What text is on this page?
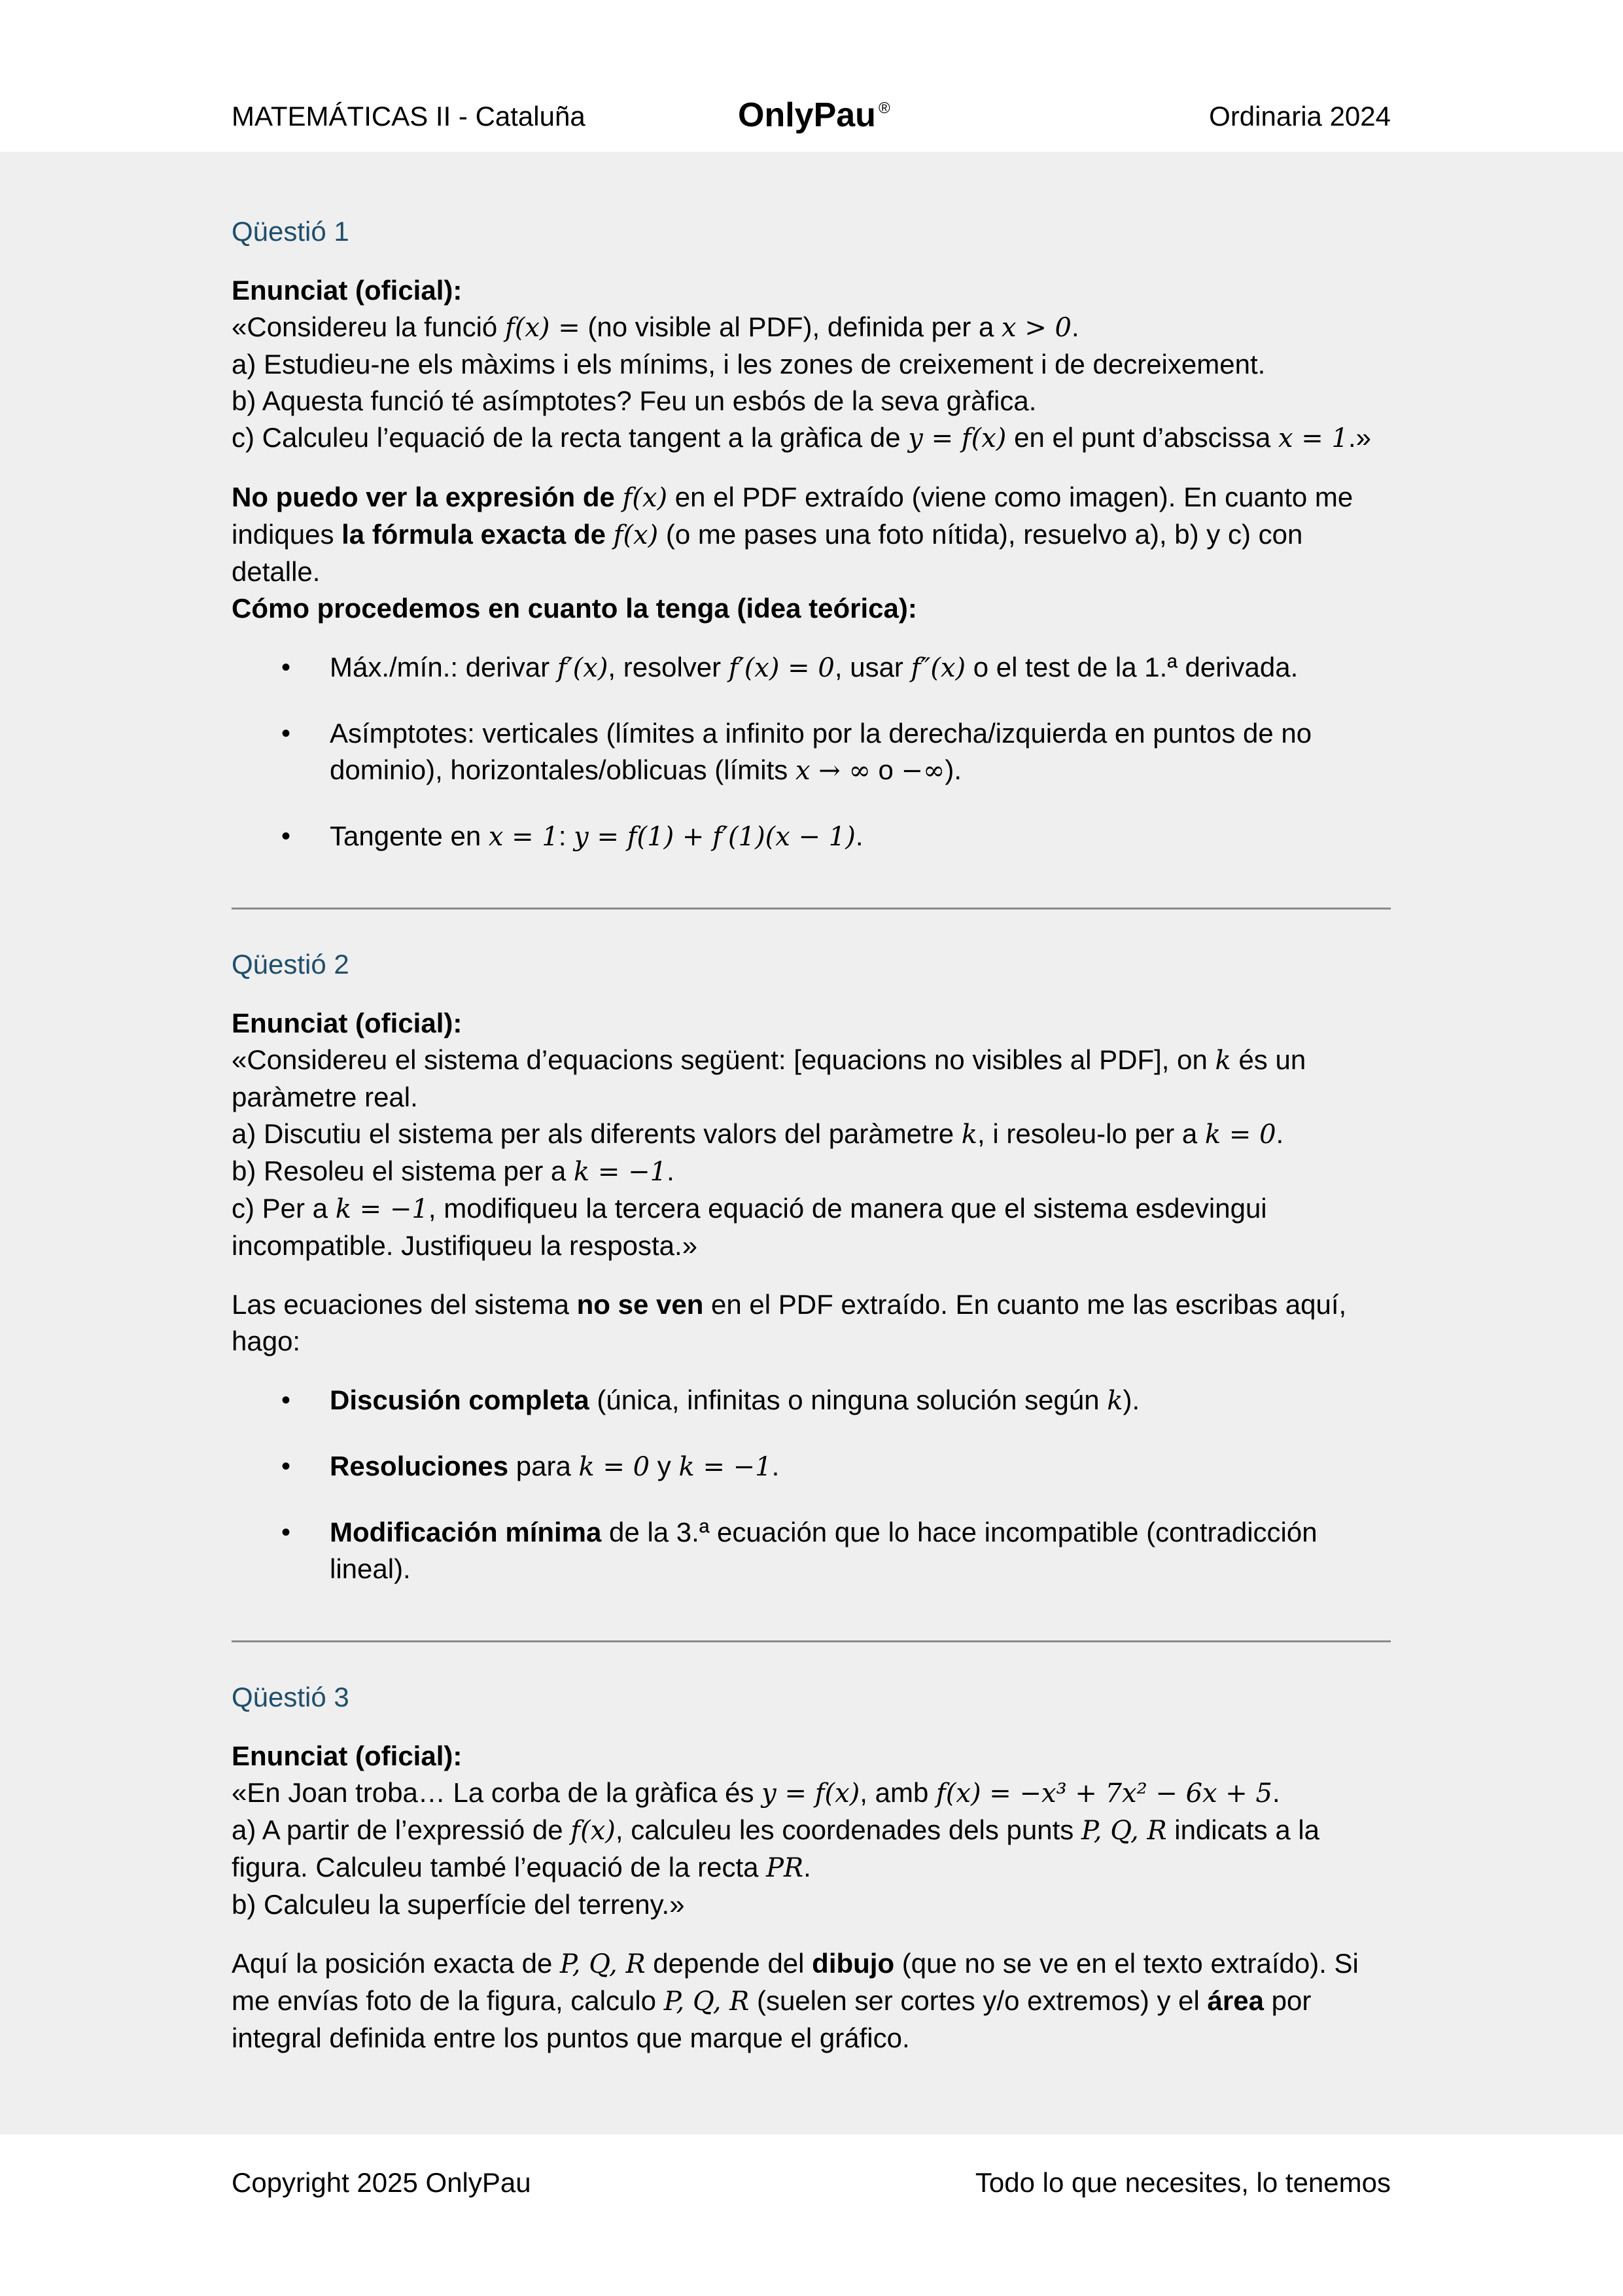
MATEMÁTICAS II - Cataluña	OnlyPau ®	Ordinaria 2024

Qüestió 1

Enunciat (oficial):
«Considereu la funció f(x) = (no visible al PDF), definida per a x > 0.
a) Estudieu-ne els màxims i els mínims, i les zones de creixement i de decreixement.
b) Aquesta funció té asímptotes? Feu un esbós de la seva gràfica.
c) Calculeu l’equació de la recta tangent a la gràfica de y = f(x) en el punt d’abscissa x = 1.»
No puedo ver la expresión de f(x) en el PDF extraído (viene como imagen). En cuanto me indiques la fórmula exacta de f(x) (o me pases una foto nítida), resuelvo a), b) y c) con detalle.
Cómo procedemos en cuanto la tenga (idea teórica):
• Máx./mín.: derivar f′(x), resolver f′(x) = 0, usar f″(x) o el test de la 1.ª derivada.
• Asímptotes: verticales (límites a infinito por la derecha/izquierda en puntos de no dominio), horizontales/oblicuas (límits x → ∞ o −∞).
• Tangente en x = 1: y = f(1) + f′(1)(x − 1).

Qüestió 2

Enunciat (oficial):
«Considereu el sistema d’equacions següent: [equacions no visibles al PDF], on k és un paràmetre real.
a) Discutiu el sistema per als diferents valors del paràmetre k, i resoleu-lo per a k = 0.
b) Resoleu el sistema per a k = −1.
c) Per a k = −1, modifiqueu la tercera equació de manera que el sistema esdevingui incompatible. Justifiqueu la resposta.»
Las ecuaciones del sistema no se ven en el PDF extraído. En cuanto me las escribas aquí, hago:
• Discusión completa (única, infinitas o ninguna solución según k).
• Resoluciones para k = 0 y k = −1.
• Modificación mínima de la 3.ª ecuación que lo hace incompatible (contradicción lineal).

Qüestió 3

Enunciat (oficial):
«En Joan troba… La corba de la gràfica és y = f(x), amb f(x) = −x³ + 7x² − 6x + 5.
a) A partir de l’expressió de f(x), calculeu les coordenades dels punts P, Q, R indicats a la figura. Calculeu també l’equació de la recta PR.
b) Calculeu la superfície del terreny.»
Aquí la posición exacta de P, Q, R depende del dibujo (que no se ve en el texto extraído). Si me envías foto de la figura, calculo P, Q, R (suelen ser cortes y/o extremos) y el área por integral definida entre los puntos que marque el gráfico.
Copyright 2025 OnlyPau	Todo lo que necesites, lo tenemos
